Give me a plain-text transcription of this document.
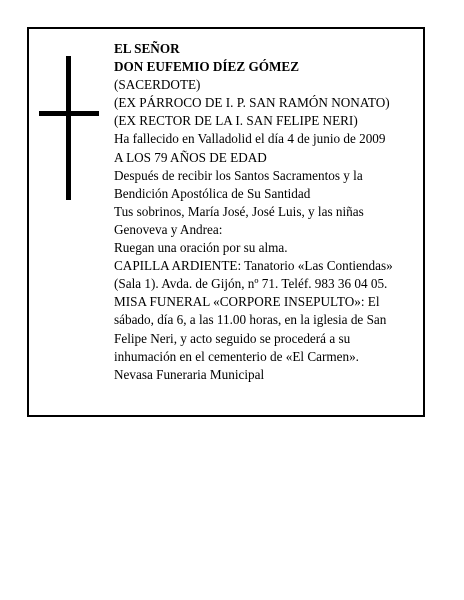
EL SEÑOR
DON EUFEMIO DÍEZ GÓMEZ
(SACERDOTE)
(EX PÁRROCO DE I. P. SAN RAMÓN NONATO)
(EX RECTOR DE LA I. SAN FELIPE NERI)
Ha fallecido en Valladolid el día 4 de junio de 2009
A LOS 79 AÑOS DE EDAD
Después de recibir los Santos Sacramentos y la
Bendición Apostólica de Su Santidad
Tus sobrinos, María José, José Luis, y las niñas
Genoveva y Andrea:
Ruegan una oración por su alma.
CAPILLA ARDIENTE: Tanatorio «Las Contiendas»
(Sala 1). Avda. de Gijón, nº 71. Teléf. 983 36 04 05.
MISA FUNERAL «CORPORE INSEPULTO»: El
sábado, día 6, a las 11.00 horas, en la iglesia de San
Felipe Neri, y acto seguido se procederá a su
inhumación en el cementerio de «El Carmen».
Nevasa Funeraria Municipal
